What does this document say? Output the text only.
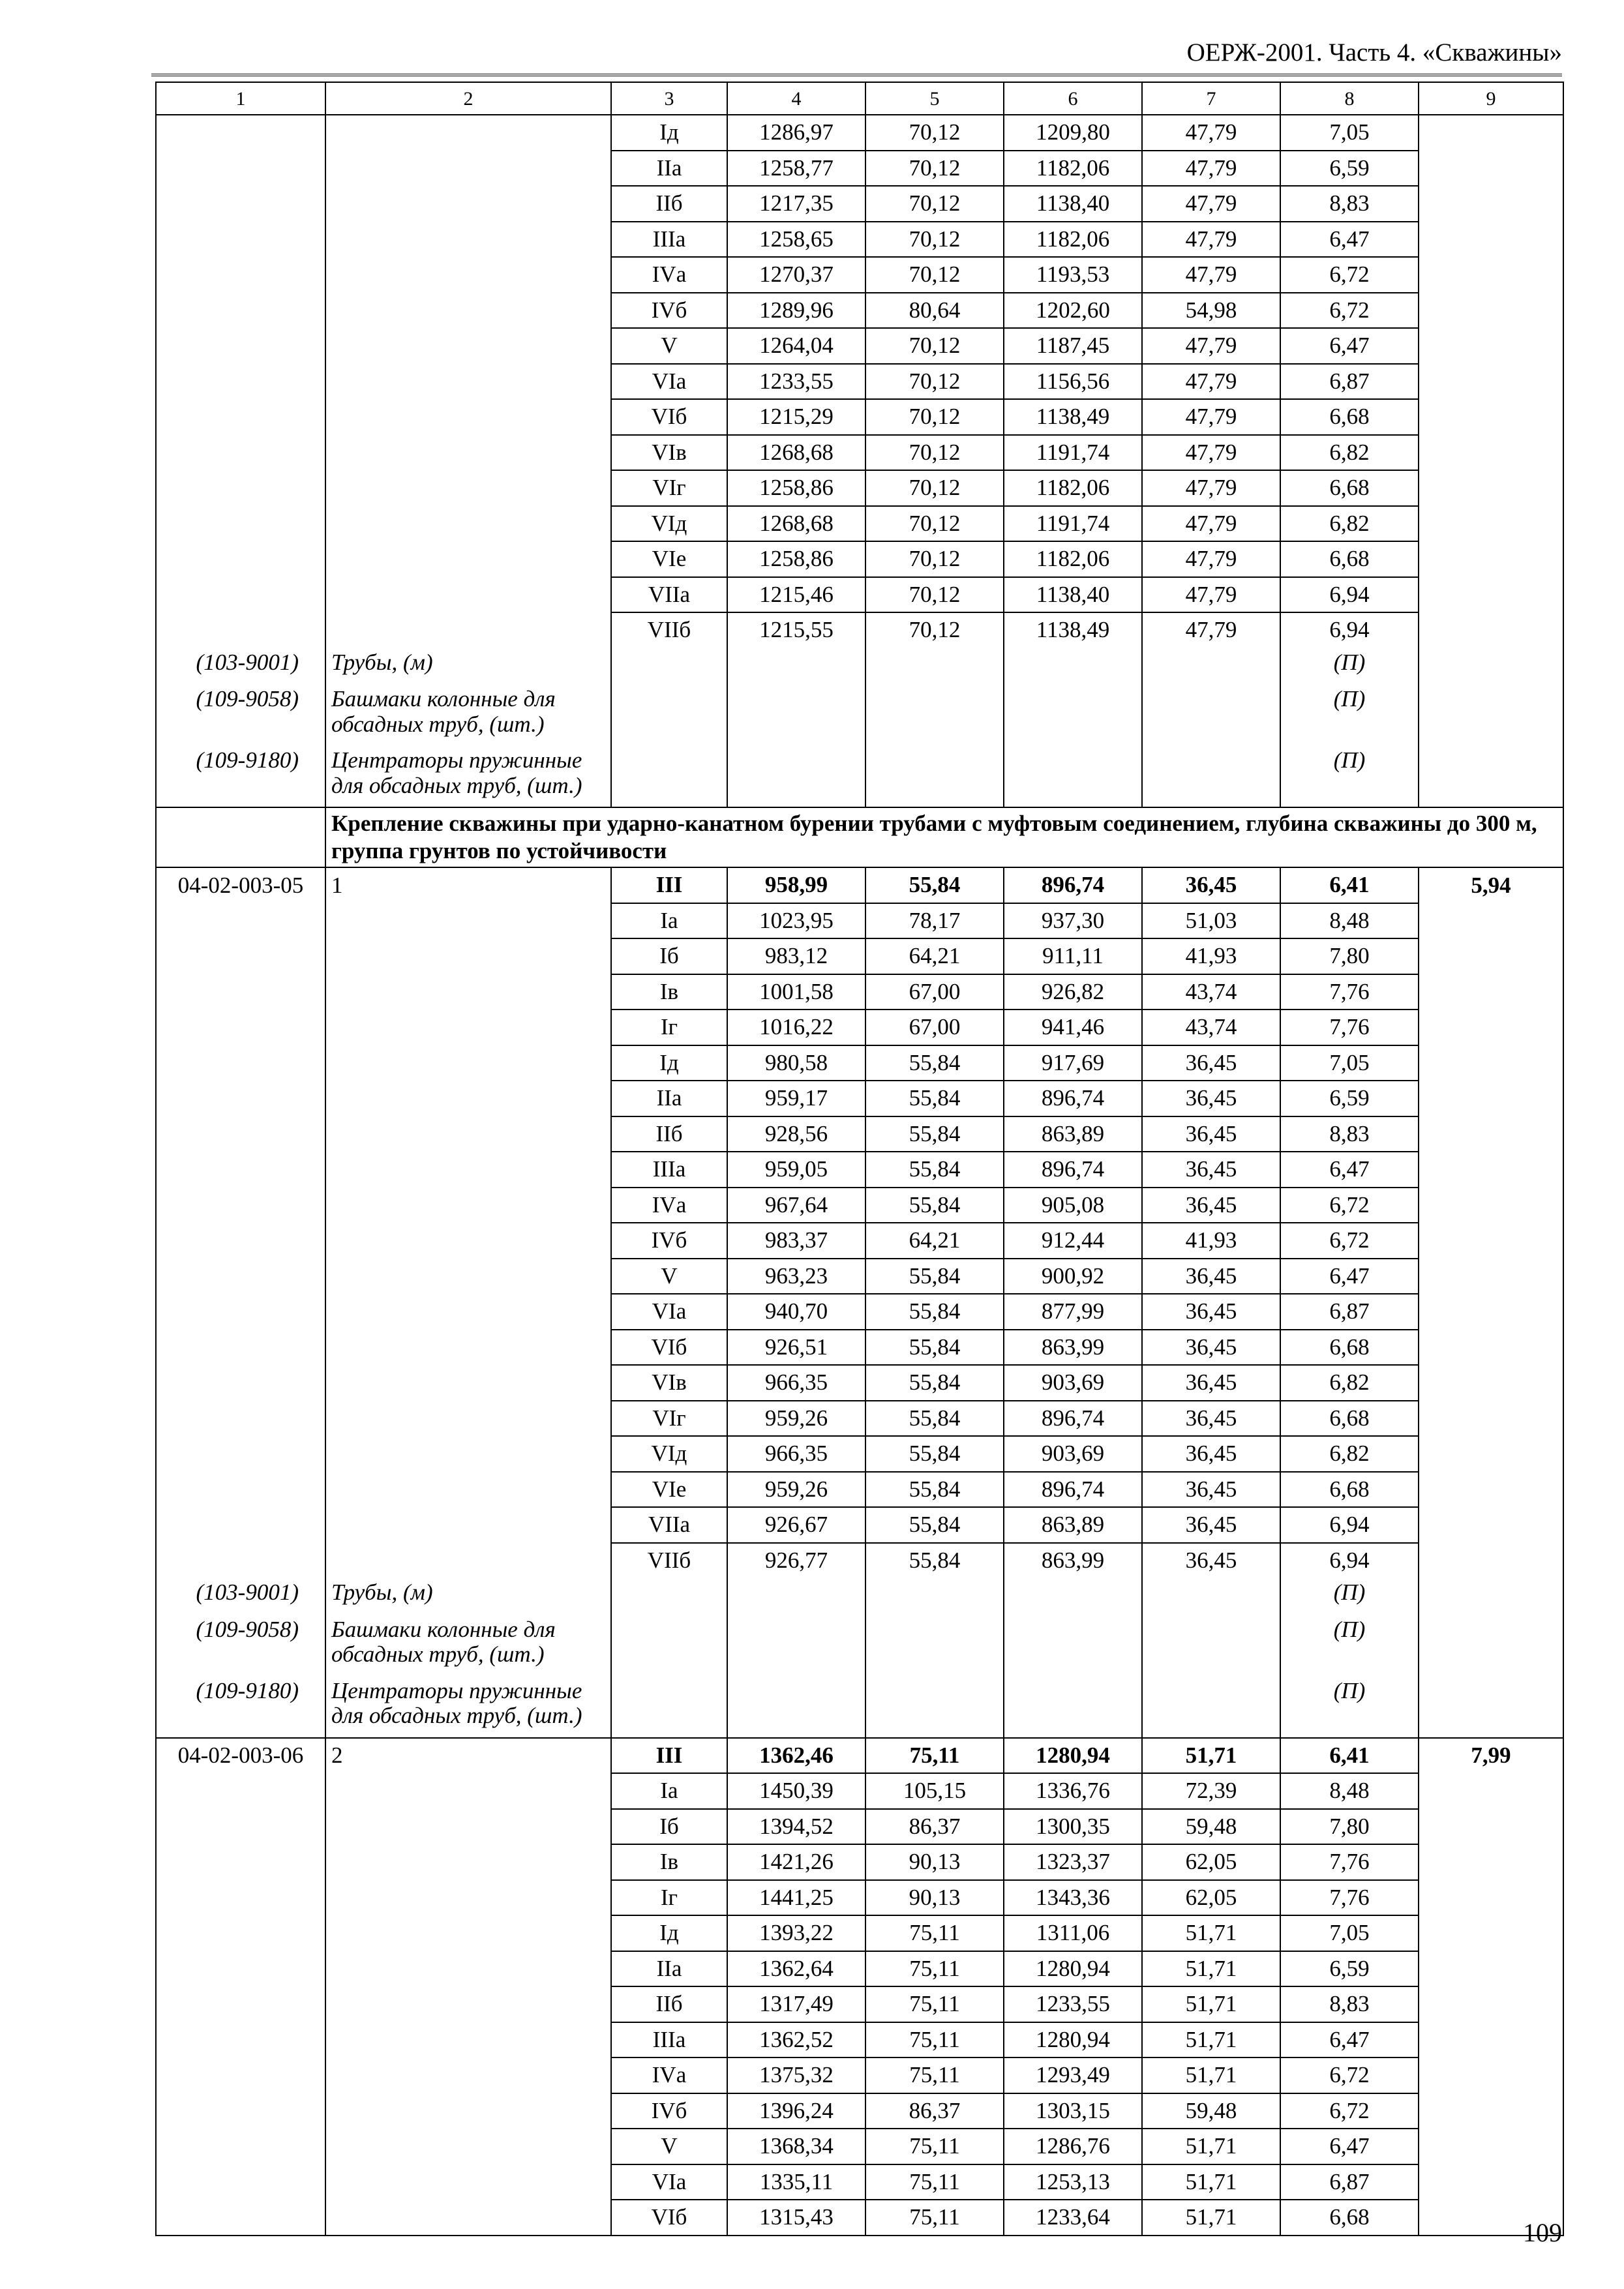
ОЕРЖ-2001. Часть 4. «Скважины»
1	2	3	4	5	6	7	8	9
		Iд	1286,97	70,12	1209,80	47,79	7,05	
		IIа	1258,77	70,12	1182,06	47,79	6,59	
		IIб	1217,35	70,12	1138,40	47,79	8,83	
		IIIа	1258,65	70,12	1182,06	47,79	6,47	
		IVа	1270,37	70,12	1193,53	47,79	6,72	
		IVб	1289,96	80,64	1202,60	54,98	6,72	
		V	1264,04	70,12	1187,45	47,79	6,47	
		VIа	1233,55	70,12	1156,56	47,79	6,87	
		VIб	1215,29	70,12	1138,49	47,79	6,68	
		VIв	1268,68	70,12	1191,74	47,79	6,82	
		VIг	1258,86	70,12	1182,06	47,79	6,68	
		VIд	1268,68	70,12	1191,74	47,79	6,82	
		VIе	1258,86	70,12	1182,06	47,79	6,68	
		VIIа	1215,46	70,12	1138,40	47,79	6,94	
		VIIб	1215,55	70,12	1138,49	47,79	6,94	
(103-9001)	Трубы, (м)						(П)	
(109-9058)	Башмаки колонные для обсадных труб, (шт.)						(П)	
(109-9180)	Центраторы пружинные для обсадных труб, (шт.)						(П)	
	Крепление скважины при ударно-канатном бурении трубами с муфтовым соединением, глубина скважины до 300 м, группа грунтов по устойчивости							
04-02-003-05	1	III	958,99	55,84	896,74	36,45	6,41	5,94
		Iа	1023,95	78,17	937,30	51,03	8,48	
		Iб	983,12	64,21	911,11	41,93	7,80	
		Iв	1001,58	67,00	926,82	43,74	7,76	
		Iг	1016,22	67,00	941,46	43,74	7,76	
		Iд	980,58	55,84	917,69	36,45	7,05	
		IIа	959,17	55,84	896,74	36,45	6,59	
		IIб	928,56	55,84	863,89	36,45	8,83	
		IIIа	959,05	55,84	896,74	36,45	6,47	
		IVа	967,64	55,84	905,08	36,45	6,72	
		IVб	983,37	64,21	912,44	41,93	6,72	
		V	963,23	55,84	900,92	36,45	6,47	
		VIа	940,70	55,84	877,99	36,45	6,87	
		VIб	926,51	55,84	863,99	36,45	6,68	
		VIв	966,35	55,84	903,69	36,45	6,82	
		VIг	959,26	55,84	896,74	36,45	6,68	
		VIд	966,35	55,84	903,69	36,45	6,82	
		VIе	959,26	55,84	896,74	36,45	6,68	
		VIIа	926,67	55,84	863,89	36,45	6,94	
		VIIб	926,77	55,84	863,99	36,45	6,94	
(103-9001)	Трубы, (м)						(П)	
(109-9058)	Башмаки колонные для обсадных труб, (шт.)						(П)	
(109-9180)	Центраторы пружинные для обсадных труб, (шт.)						(П)	
04-02-003-06	2	III	1362,46	75,11	1280,94	51,71	6,41	7,99
		Iа	1450,39	105,15	1336,76	72,39	8,48	
		Iб	1394,52	86,37	1300,35	59,48	7,80	
		Iв	1421,26	90,13	1323,37	62,05	7,76	
		Iг	1441,25	90,13	1343,36	62,05	7,76	
		Iд	1393,22	75,11	1311,06	51,71	7,05	
		IIа	1362,64	75,11	1280,94	51,71	6,59	
		IIб	1317,49	75,11	1233,55	51,71	8,83	
		IIIа	1362,52	75,11	1280,94	51,71	6,47	
		IVа	1375,32	75,11	1293,49	51,71	6,72	
		IVб	1396,24	86,37	1303,15	59,48	6,72	
		V	1368,34	75,11	1286,76	51,71	6,47	
		VIа	1335,11	75,11	1253,13	51,71	6,87	
		VIб	1315,43	75,11	1233,64	51,71	6,68	
109
